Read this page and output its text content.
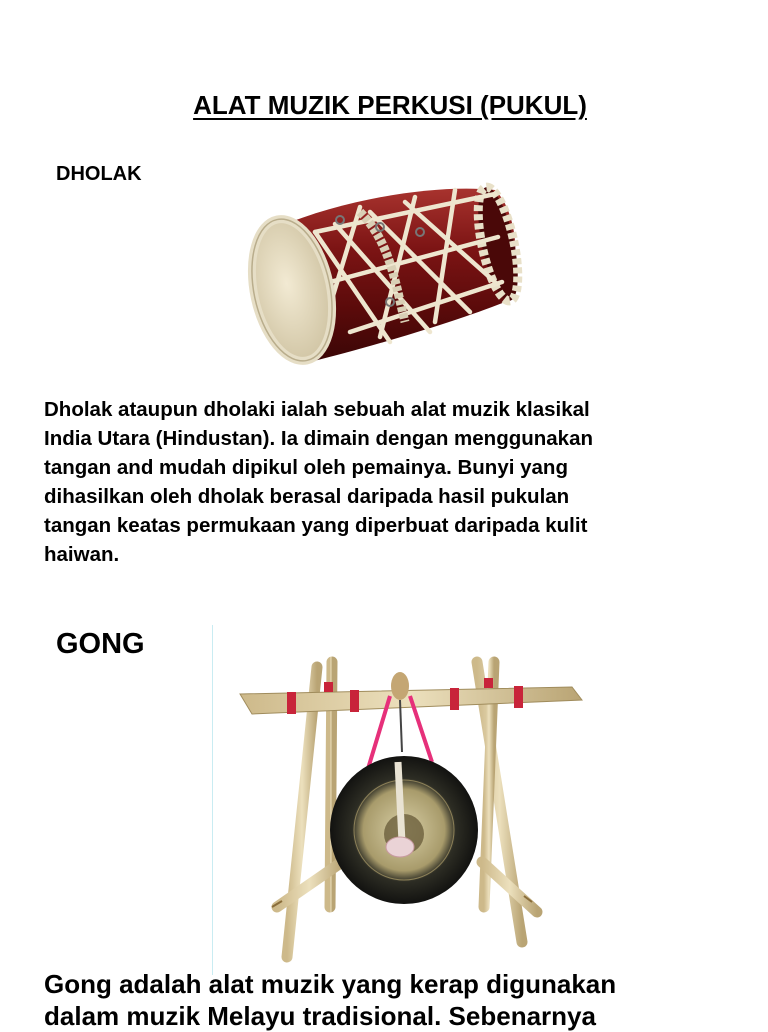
ALAT MUZIK PERKUSI (PUKUL)
DHOLAK
Dholak ataupun dholaki ialah sebuah alat muzik klasikal
India Utara (Hindustan). Ia dimain dengan menggunakan
tangan and mudah dipikul oleh pemainya. Bunyi yang
dihasilkan oleh dholak berasal daripada hasil pukulan
tangan keatas permukaan yang diperbuat daripada kulit
haiwan.
GONG
Gong adalah alat muzik yang kerap digunakan
dalam muzik Melayu tradisional. Sebenarnya
